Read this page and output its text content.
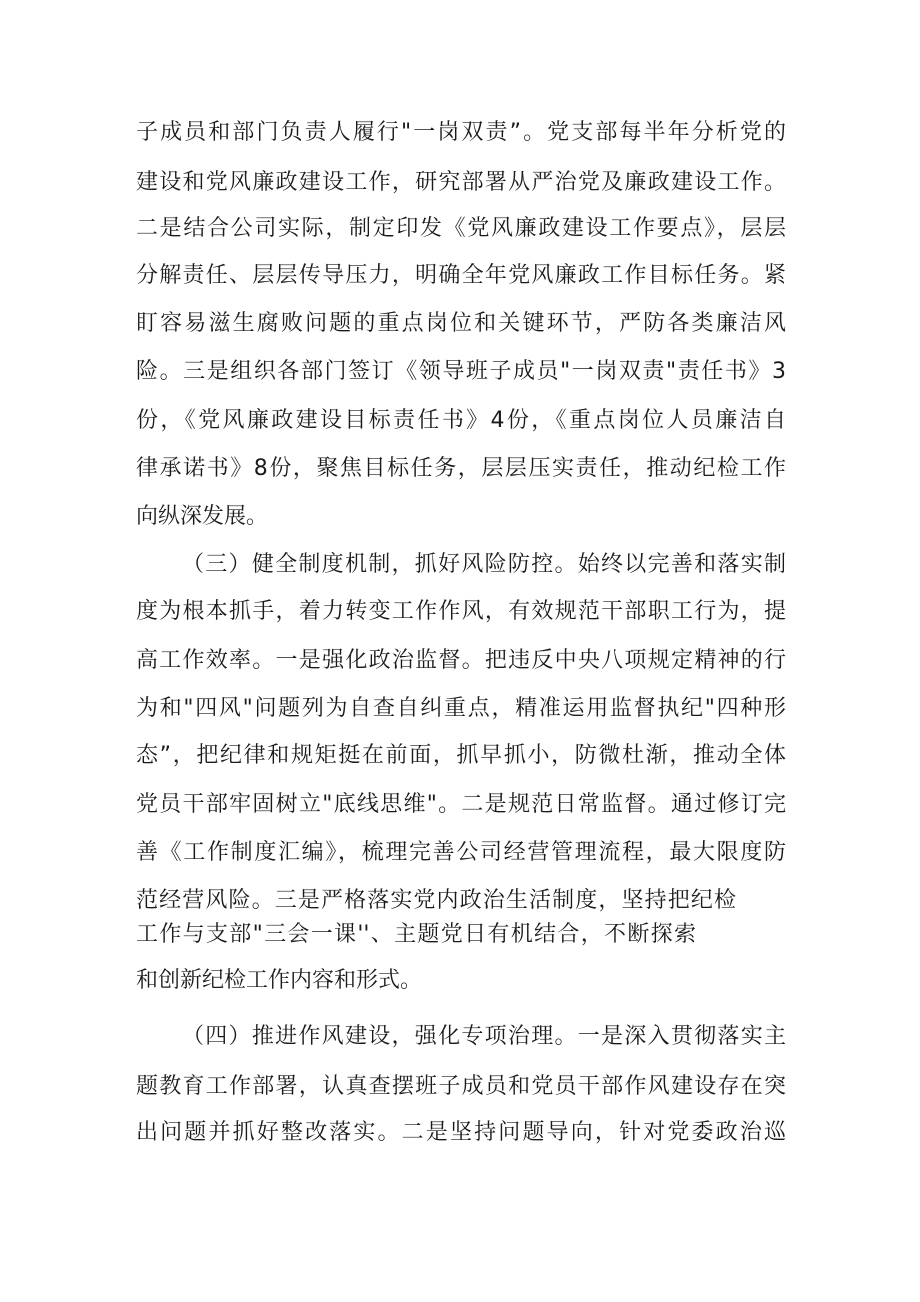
子成员和部门负责人履行"一岗双责”。党支部每半年分析党的
建设和党风廉政建设工作，研究部署从严治党及廉政建设工作。
二是结合公司实际，制定印发《党风廉政建设工作要点》，层层
分解责任、层层传导压力，明确全年党风廉政工作目标任务。紧
盯容易滋生腐败问题的重点岗位和关键环节，严防各类廉洁风
险。三是组织各部门签订《领导班子成员"一岗双责"责任书》3
份，《党风廉政建设目标责任书》4份，《重点岗位人员廉洁自
律承诺书》8份，聚焦目标任务，层层压实责任，推动纪检工作
向纵深发展。
（三）健全制度机制，抓好风险防控。始终以完善和落实制
度为根本抓手，着力转变工作作风，有效规范干部职工行为，提
高工作效率。一是强化政治监督。把违反中央八项规定精神的行
为和"四风"问题列为自查自纠重点，精准运用监督执纪"四种形
态”，把纪律和规矩挺在前面，抓早抓小，防微杜渐，推动全体
党员干部牢固树立"底线思维"。二是规范日常监督。通过修订完
善《工作制度汇编》，梳理完善公司经营管理流程，最大限度防
范经营风险。三是严格落实党内政治生活制度，坚持把纪检
工作与支部"三会一课''、主题党日有机结合，不断探索
和创新纪检工作内容和形式。
（四）推进作风建设，强化专项治理。一是深入贯彻落实主
题教育工作部署，认真查摆班子成员和党员干部作风建设存在突
出问题并抓好整改落实。二是坚持问题导向，针对党委政治巡
